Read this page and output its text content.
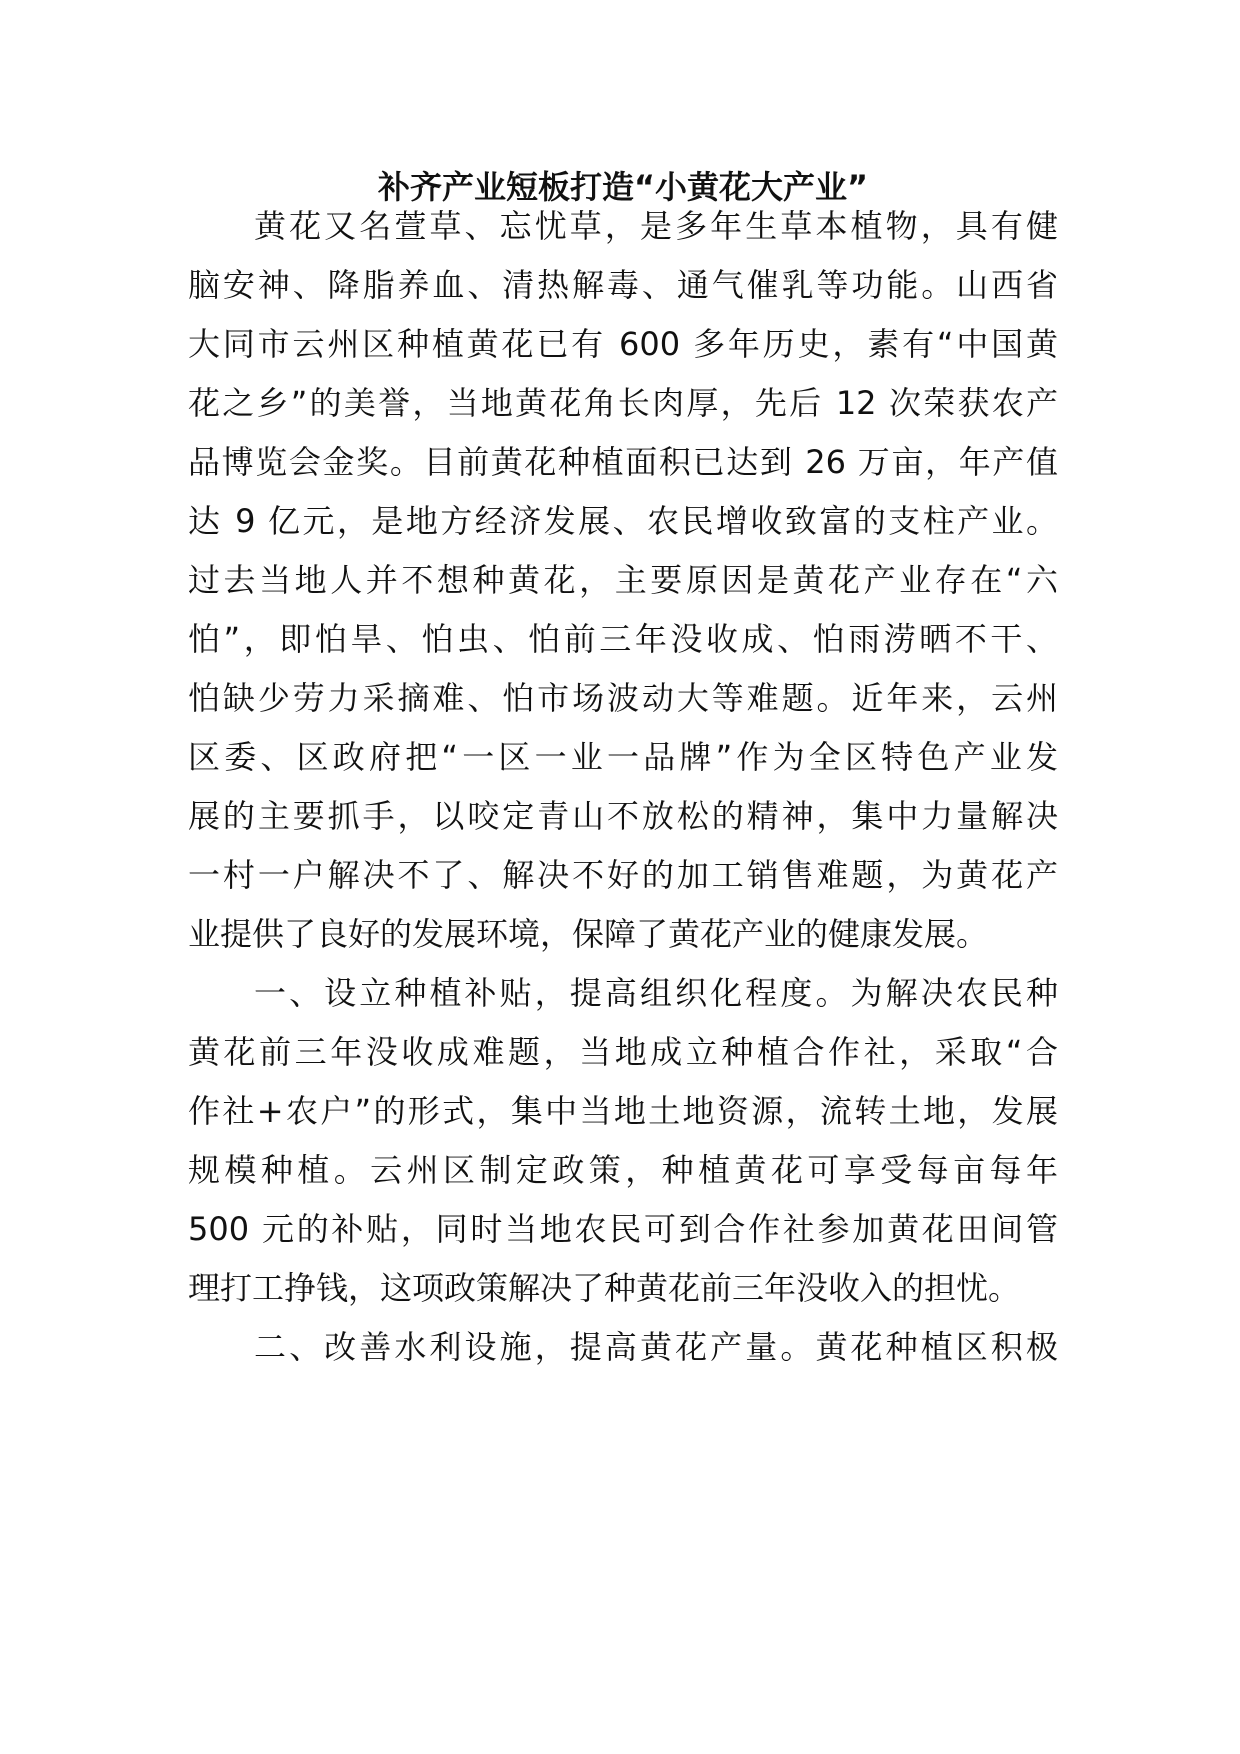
补齐产业短板打造“小黄花大产业”
黄花又名萱草、忘忧草，是多年生草本植物，具有健
脑安神、降脂养血、清热解毒、通气催乳等功能。山西省
大同市云州区种植黄花已有 600 多年历史，素有“中国黄
花之乡”的美誉，当地黄花角长肉厚，先后 12 次荣获农产
品博览会金奖。目前黄花种植面积已达到 26 万亩，年产值
达 9 亿元，是地方经济发展、农民增收致富的支柱产业。
过去当地人并不想种黄花，主要原因是黄花产业存在“六
怕”，即怕旱、怕虫、怕前三年没收成、怕雨涝晒不干、
怕缺少劳力采摘难、怕市场波动大等难题。近年来，云州
区委、区政府把“一区一业一品牌”作为全区特色产业发
展的主要抓手，以咬定青山不放松的精神，集中力量解决
一村一户解决不了、解决不好的加工销售难题，为黄花产
业提供了良好的发展环境，保障了黄花产业的健康发展。
一、设立种植补贴，提高组织化程度。为解决农民种
黄花前三年没收成难题，当地成立种植合作社，采取“合
作社+农户”的形式，集中当地土地资源，流转土地，发展
规模种植。云州区制定政策，种植黄花可享受每亩每年
500 元的补贴，同时当地农民可到合作社参加黄花田间管
理打工挣钱，这项政策解决了种黄花前三年没收入的担忧。
二、改善水利设施，提高黄花产量。黄花种植区积极
